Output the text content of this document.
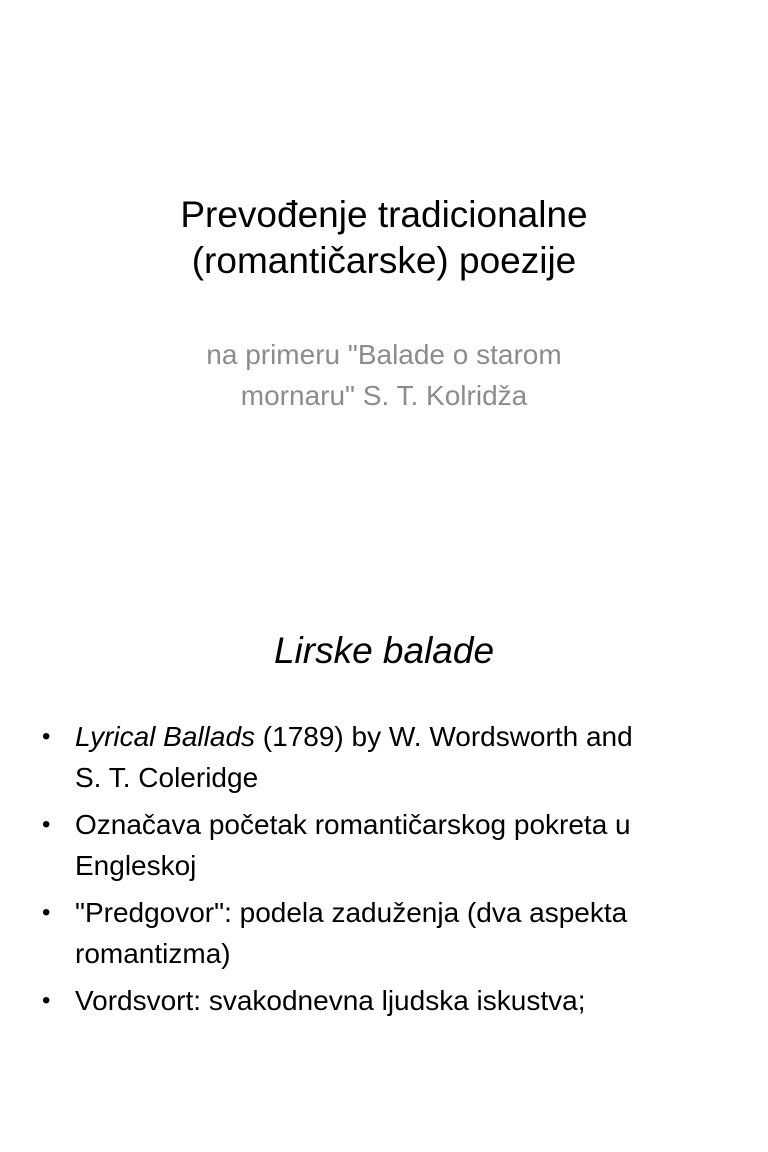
Prevođenje tradicionalne
(romantičarske) poezije

na primeru "Balade o starom
mornaru" S. T. Kolridža

Lirske balade
• Lyrical Ballads (1789) by W. Wordsworth and
S. T. Coleridge
• Označava početak romantičarskog pokreta u
Engleskoj
• "Predgovor": podela zaduženja (dva aspekta
romantizma)
• Vordsvort: svakodnevna ljudska iskustva;
